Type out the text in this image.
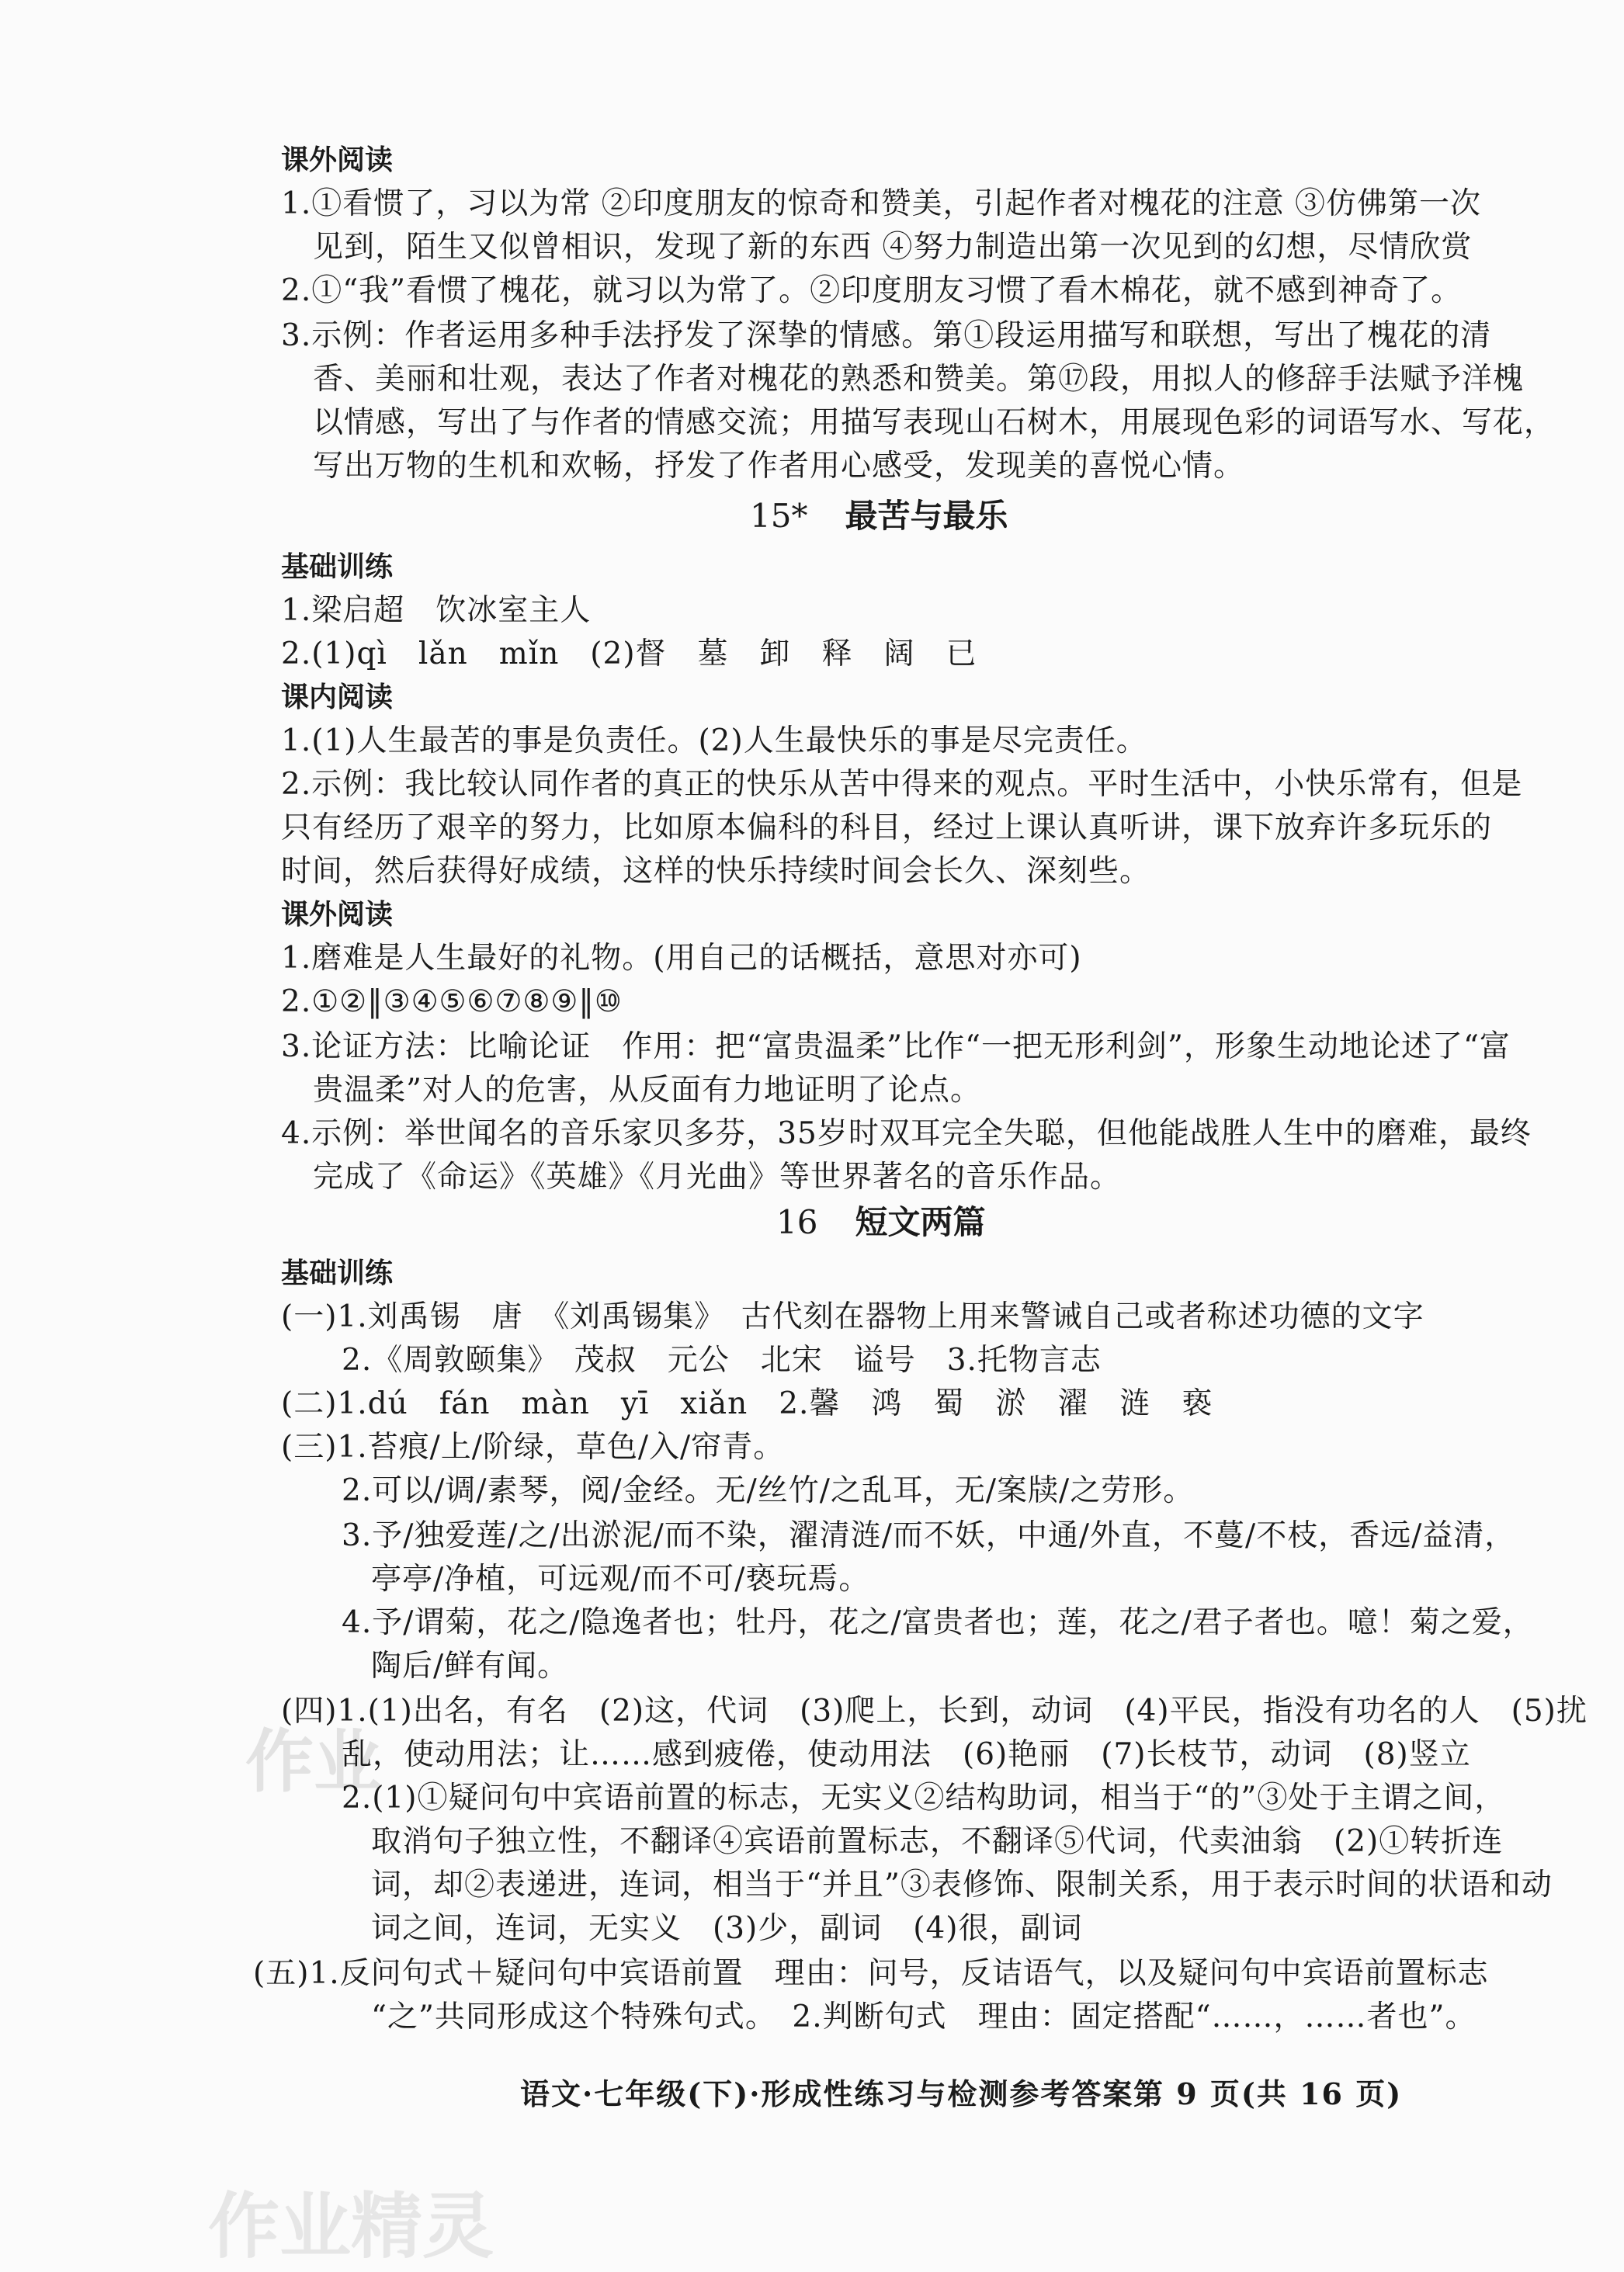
作业
作业精灵
课外阅读
1.①看惯了，习以为常 ②印度朋友的惊奇和赞美，引起作者对槐花的注意 ③仿佛第一次
见到，陌生又似曾相识，发现了新的东西 ④努力制造出第一次见到的幻想，尽情欣赏
2.①“我”看惯了槐花，就习以为常了。②印度朋友习惯了看木棉花，就不感到神奇了。
3.示例：作者运用多种手法抒发了深挚的情感。第①段运用描写和联想，写出了槐花的清
香、美丽和壮观，表达了作者对槐花的熟悉和赞美。第⑰段，用拟人的修辞手法赋予洋槐
以情感，写出了与作者的情感交流；用描写表现山石树木，用展现色彩的词语写水、写花，
写出万物的生机和欢畅，抒发了作者用心感受，发现美的喜悦心情。
15* 最苦与最乐
基础训练
1.梁启超　饮冰室主人
2.(1)qì　lǎn　mǐn　(2)督　墓　卸　释　阔　已
课内阅读
1.(1)人生最苦的事是负责任。(2)人生最快乐的事是尽完责任。
2.示例：我比较认同作者的真正的快乐从苦中得来的观点。平时生活中，小快乐常有，但是
只有经历了艰辛的努力，比如原本偏科的科目，经过上课认真听讲，课下放弃许多玩乐的
时间，然后获得好成绩，这样的快乐持续时间会长久、深刻些。
课外阅读
1.磨难是人生最好的礼物。(用自己的话概括，意思对亦可)
2.①②‖③④⑤⑥⑦⑧⑨‖⑩
3.论证方法：比喻论证　作用：把“富贵温柔”比作“一把无形利剑”，形象生动地论述了“富
贵温柔”对人的危害，从反面有力地证明了论点。
4.示例：举世闻名的音乐家贝多芬，35岁时双耳完全失聪，但他能战胜人生中的磨难，最终
完成了《命运》《英雄》《月光曲》等世界著名的音乐作品。
16 短文两篇
基础训练
(一)1.刘禹锡　唐　《刘禹锡集》　古代刻在器物上用来警诫自己或者称述功德的文字
2.《周敦颐集》　茂叔　元公　北宋　谥号　3.托物言志
(二)1.dú　fán　màn　yī　xiǎn　2.馨　鸿　蜀　淤　濯　涟　亵
(三)1.苔痕/上/阶绿，草色/入/帘青。
2.可以/调/素琴，阅/金经。无/丝竹/之乱耳，无/案牍/之劳形。
3.予/独爱莲/之/出淤泥/而不染，濯清涟/而不妖，中通/外直，不蔓/不枝，香远/益清，
亭亭/净植，可远观/而不可/亵玩焉。
4.予/谓菊，花之/隐逸者也；牡丹，花之/富贵者也；莲，花之/君子者也。噫！菊之爱，
陶后/鲜有闻。
(四)1.(1)出名，有名　(2)这，代词　(3)爬上，长到，动词　(4)平民，指没有功名的人　(5)扰
乱，使动用法；让……感到疲倦，使动用法　(6)艳丽　(7)长枝节，动词　(8)竖立
2.(1)①疑问句中宾语前置的标志，无实义②结构助词，相当于“的”③处于主谓之间，
取消句子独立性，不翻译④宾语前置标志，不翻译⑤代词，代卖油翁　(2)①转折连
词，却②表递进，连词，相当于“并且”③表修饰、限制关系，用于表示时间的状语和动
词之间，连词，无实义　(3)少，副词　(4)很，副词
(五)1.反问句式＋疑问句中宾语前置　理由：问号，反诘语气，以及疑问句中宾语前置标志
“之”共同形成这个特殊句式。　2.判断句式　理由：固定搭配“……，……者也”。
语文·七年级(下)·形成性练习与检测参考答案 第 9 页(共 16 页)
